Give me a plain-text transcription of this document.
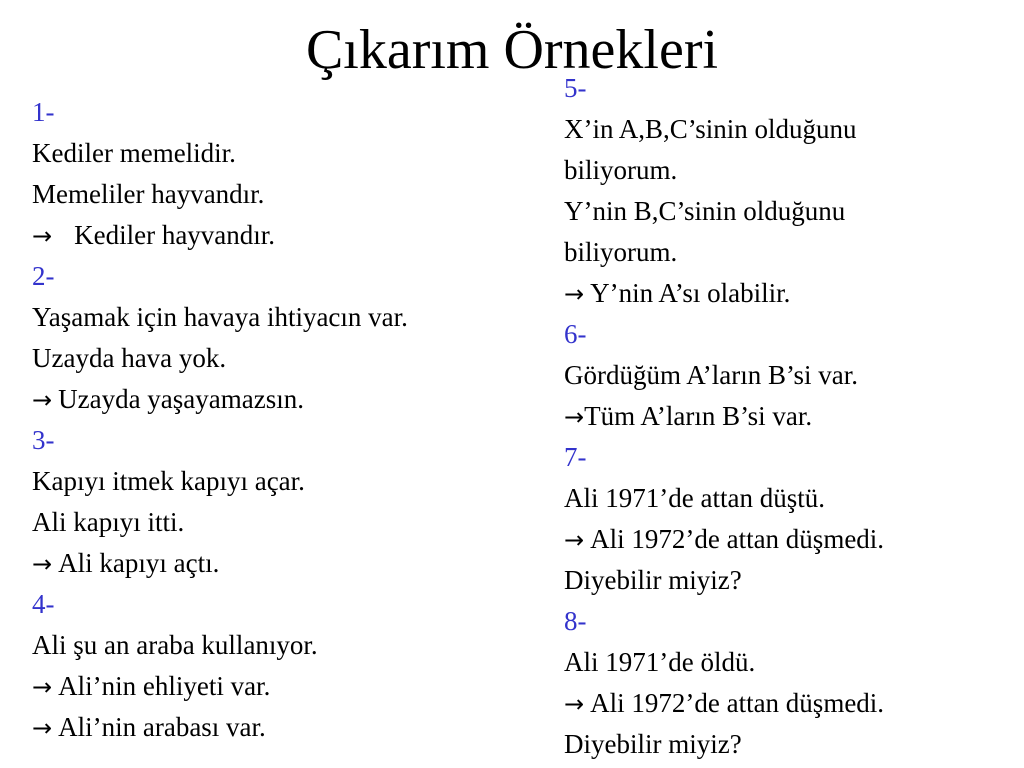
Çıkarım Örnekleri
1-
Kediler memelidir.
Memeliler hayvandır.
→ Kediler hayvandır.
2-
Yaşamak için havaya ihtiyacın var.
Uzayda hava yok.
→ Uzayda yaşayamazsın.
3-
Kapıyı itmek kapıyı açar.
Ali kapıyı itti.
→ Ali kapıyı açtı.
4-
Ali şu an araba kullanıyor.
→ Ali’nin ehliyeti var.
→ Ali’nin arabası var.
5-
X’in A,B,C’sinin olduğunu
biliyorum.
Y’nin B,C’sinin olduğunu
biliyorum.
→ Y’nin A’sı olabilir.
6-
Gördüğüm A’ların B’si var.
→Tüm A’ların B’si var.
7-
Ali 1971’de attan düştü.
→ Ali 1972’de attan düşmedi.
Diyebilir miyiz?
8-
Ali 1971’de öldü.
→ Ali 1972’de attan düşmedi.
Diyebilir miyiz?
